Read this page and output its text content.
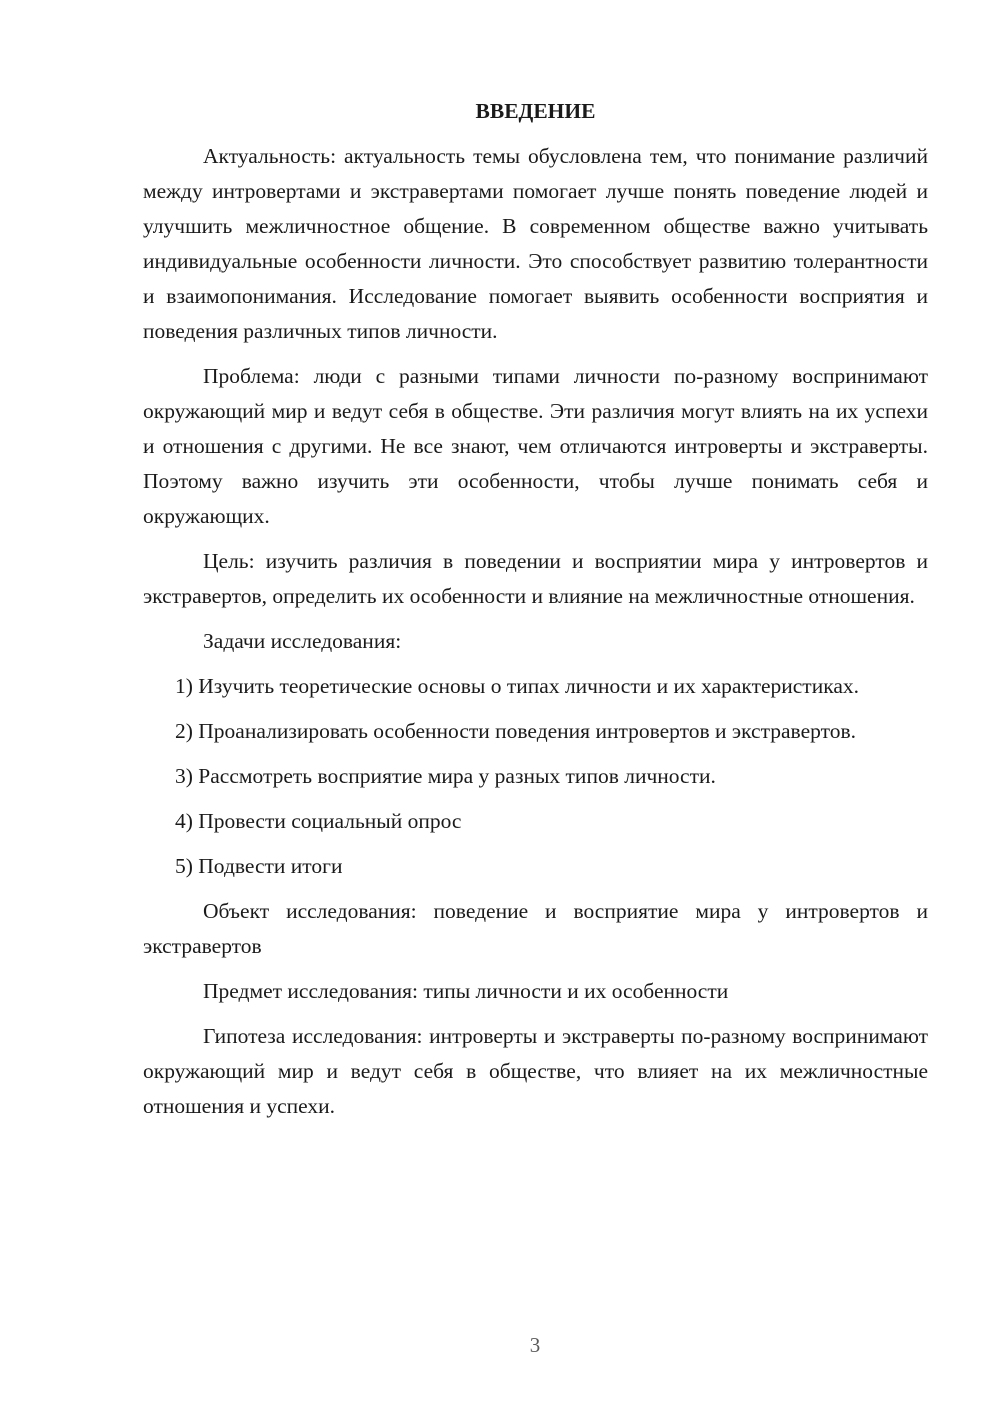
ВВЕДЕНИЕ

Актуальность: актуальность темы обусловлена тем, что понимание различий между интровертами и экстравертами помогает лучше понять поведение людей и улучшить межличностное общение. В современном обществе важно учитывать индивидуальные особенности личности. Это способствует развитию толерантности и взаимопонимания. Исследование помогает выявить особенности восприятия и поведения различных типов личности.

Проблема: люди с разными типами личности по-разному воспринимают окружающий мир и ведут себя в обществе. Эти различия могут влиять на их успехи и отношения с другими. Не все знают, чем отличаются интроверты и экстраверты. Поэтому важно изучить эти особенности, чтобы лучше понимать себя и окружающих.

Цель: изучить различия в поведении и восприятии мира у интровертов и экстравертов, определить их особенности и влияние на межличностные отношения.

Задачи исследования:

1) Изучить теоретические основы о типах личности и их характеристиках.

2) Проанализировать особенности поведения интровертов и экстравертов.

3) Рассмотреть восприятие мира у разных типов личности.

4) Провести социальный опрос

5) Подвести итоги

Объект исследования: поведение и восприятие мира у интровертов и экстравертов

Предмет исследования: типы личности и их особенности

Гипотеза исследования: интроверты и экстраверты по-разному воспринимают окружающий мир и ведут себя в обществе, что влияет на их межличностные отношения и успехи.

3
